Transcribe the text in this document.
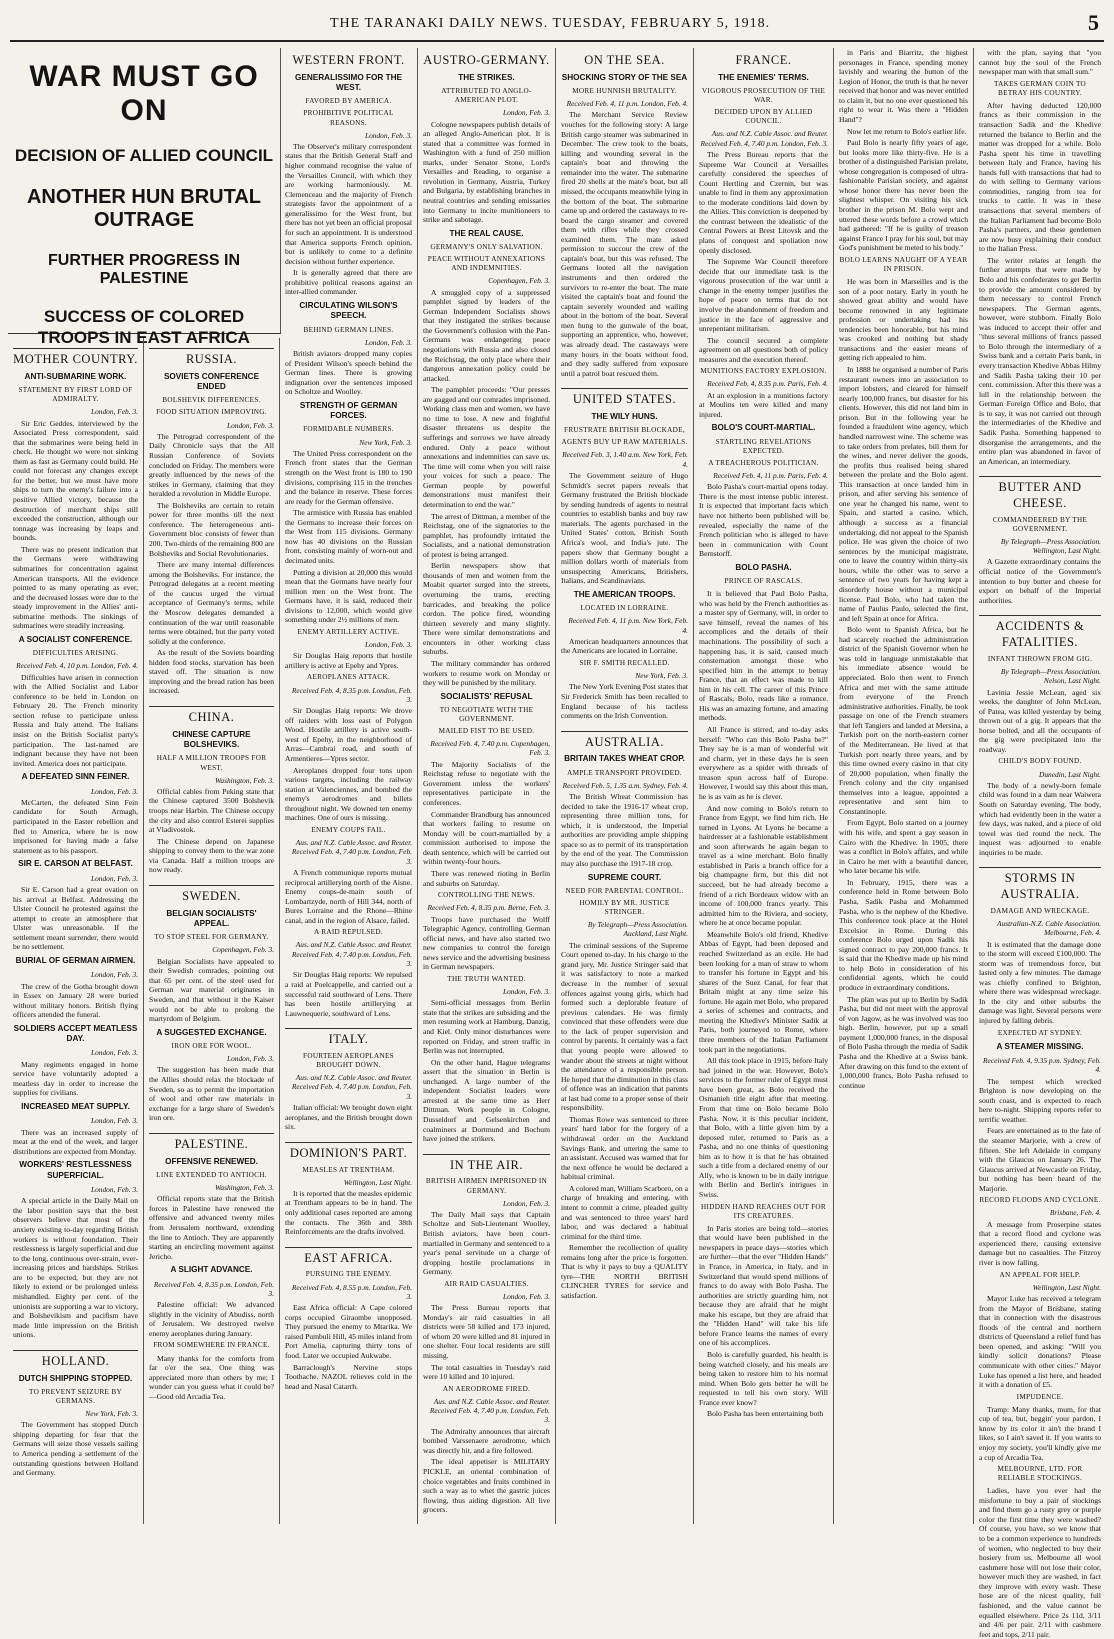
THE TARANAKI DAILY NEWS. TUESDAY, FEBRUARY 5, 1918.	5
WAR MUST GO ON
DECISION OF ALLIED COUNCIL
ANOTHER HUN BRUTAL OUTRAGE
FURTHER PROGRESS IN PALESTINE
SUCCESS OF COLORED TROOPS IN EAST AFRICA
MOTHER COUNTRY.
ANTI-SUBMARINE WORK.
STATEMENT BY FIRST LORD OF ADMIRALTY.

London, Feb. 3.

Sir Eric Geddes, interviewed by the Associated Press correspondent, said that the submarines were being held in check. He thought we were not sinking them as fast as Germany could build. He could not forecast any changes except for the better, but we must have more ships to turn the enemy's failure into a positive Allied victory, because the destruction of merchant ships still exceeded the construction, although our tonnage was increasing by leaps and bounds.

There was no present indication that the Germans were withdrawing submarines for concentration against American transports. All the evidence pointed to as many operating as ever, and the decreased losses were due to the steady improvement in the Allies' anti-submarine methods. The sinkings of submarines were steadily increasing.

A SOCIALIST CONFERENCE.
DIFFICULTIES ARISING.

Received Feb. 4, 10 p.m. London, Feb. 4.

Difficulties have arisen in connection with the Allied Socialist and Labor conference to be held in London on February 20. The French minority section refuse to participate unless Russia and Italy attend. The Italians insist on the British Socialist party's participation. The last-named are indignant because they have not been invited. America does not participate.

A DEFEATED SINN FEINER.

London, Feb. 3.

McCarten, the defeated Sinn Fein candidate for South Armagh, participated in the Easter rebellion and fled to America, where he is now imprisoned for having made a false statement as to his passport.

SIR E. CARSON AT BELFAST.

London, Feb. 3.

Sir E. Carson had a great ovation on his arrival at Belfast. Addressing the Ulster Council he protested against the attempt to create an atmosphere that Ulster was unreasonable. If the settlement meant surrender, there would be no settlement.

BURIAL OF GERMAN AIRMEN.

London, Feb. 3.

The crew of the Gotha brought down in Essex on January 28 were buried without military honors. British flying officers attended the funeral.

SOLDIERS ACCEPT MEATLESS DAY.

London, Feb. 3.

Many regiments engaged in home service have voluntarily adopted a meatless day in order to increase the supplies for civilians.

INCREASED MEAT SUPPLY.

London, Feb. 3.

There was an increased supply of meat at the end of the week, and larger distributions are expected from Monday.

WORKERS' RESTLESSNESS SUPERFICIAL.

London, Feb. 3.

A special article in the Daily Mail on the labor position says that the best observers believe that most of the anxiety existing to-day regarding British workers is without foundation. Their restlessness is largely superficial and due to the long, continuous over-strain, ever-increasing prices and hardships. Strikes are to be expected, but they are not likely to extend or be prolonged unless mishandled. Eighty per cent. of the unionists are supporting a war to victory, and Bolshevikism and pacifism have made little impression on the British unions.

HOLLAND.
DUTCH SHIPPING STOPPED.
TO PREVENT SEIZURE BY GERMANS.

New York, Feb. 3.

The Government has stopped Dutch shipping departing for fear that the Germans will seize those vessels sailing to America pending a settlement of the outstanding questions between Holland and Germany.

RUSSIA.
SOVIETS CONFERENCE ENDED
BOLSHEVIK DIFFERENCES.
FOOD SITUATION IMPROVING.

London, Feb. 3.

The Petrograd correspondent of the Daily Chronicle says that the All Russian Conference of Soviets concluded on Friday. The members were greatly influenced by the news of the strikes in Germany, claiming that they heralded a revolution in Middle Europe.

The Bolsheviks are certain to retain power for three months till the next conference. The heterogeneous anti-Government bloc consists of fewer than 200. Two-thirds of the remaining 800 are Bolsheviks and Social Revolutionaries.

There are many internal differences among the Bolsheviks. For instance, the Petrograd delegates at a recent meeting of the caucus urged the virtual acceptance of Germany's terms, while the Moscow delegates demanded a continuation of the war until reasonable terms were obtained, but the party voted solidly at the conference.

As the result of the Soviets boarding hidden food stocks, starvation has been staved off. The situation is now improving and the bread ration has been increased.

CHINA.
CHINESE CAPTURE BOLSHEVIKS.
HALF A MILLION TROOPS FOR WEST.

Washington, Feb. 3.

Official cables from Peking state that the Chinese captured 3500 Bolshevik troops near Harbin. The Chinese occupy the city and also control Esterei supplies at Vladivostok.

The Chinese depend on Japanese shipping to convey them to the war zone via Canada. Half a million troops are now ready.

SWEDEN.
BELGIAN SOCIALISTS' APPEAL.
TO STOP STEEL FOR GERMANY.

Copenhagen, Feb. 3.

Belgian Socialists have appealed to their Swedish comrades, pointing out that 65 per cent. of the steel used for German war material originates in Sweden, and that without it the Kaiser would not be able to prolong the martyrdom of Belgium.

A SUGGESTED EXCHANGE.
IRON ORE FOR WOOL.

London, Feb. 3.

The suggestion has been made that the Allies should relax the blockade of Sweden, so as to permit the importation of wool and other raw materials in exchange for a large share of Sweden's iron ore.

PALESTINE.
OFFENSIVE RENEWED.
LINE EXTENDED TO ANTIOCH.

Washington, Feb. 3.

Official reports state that the British forces in Palestine have renewed the offensive and advanced twenty miles from Jerusalem northward, extending the line to Antioch. They are apparently starting an encircling movement against Jericho.

A SLIGHT ADVANCE.

Received Feb. 4, 8.35 p.m. London, Feb. 3.

Palestine official: We advanced slightly in the vicinity of Abudiss, north of Jerusalem. We destroyed twelve enemy aeroplanes during January.

FROM SOMEWHERE IN FRANCE.

Many thanks for the comforts from far o'er the sea. One thing was appreciated more than others by me; I wonder can you guess what it could be? —Good old Arcadia Tea.

WESTERN FRONT.
GENERALISSIMO FOR THE WEST.
FAVORED BY AMERICA.
PROHIBITIVE POLITICAL REASONS.

London, Feb. 3.

The Observer's military correspondent states that the British General Staff and higher command recognise the value of the Versailles Council, with which they are working harmoniously. M. Clemenceau and the majority of French strategists favor the appointment of a generalissimo for the West front, but there has not yet been an official proposal for such an appointment. It is understood that America supports French opinion, but is unlikely to come to a definite decision without further experience.

It is generally agreed that there are prohibitive political reasons against an inter-allied commander.

CIRCULATING WILSON'S SPEECH.
BEHIND GERMAN LINES.

London, Feb. 3.

British aviators dropped many copies of President Wilson's speech behind the German lines. There is growing indignation over the sentences imposed on Scholtze and Woolley.

STRENGTH OF GERMAN FORCES.
FORMIDABLE NUMBERS.

New York, Feb. 3.

The United Press correspondent on the French front states that the German strength on the West front is 180 to 190 divisions, comprising 115 in the trenches and the balance in reserve. These forces are ready for the German offensive.

The armistice with Russia has enabled the Germans to increase their forces on the West from 115 divisions. Germany now has 40 divisions on the Russian front, consisting mainly of worn-out and decimated units.

Putting a division at 20,000 this would mean that the Germans have nearly four million men on the West front. The Germans have, it is said, reduced their divisions to 12,000, which would give something under 2½ millions of men.

ENEMY ARTILLERY ACTIVE.

London, Feb. 3.

Sir Douglas Haig reports that hostile artillery is active at Epehy and Ypres.

AEROPLANES ATTACK.

Received Feb. 4, 8.35 p.m. London, Feb. 3.

Sir Douglas Haig reports: We drove off raiders with loss east of Polygon Wood. Hostile artillery is active south-west of Epehy, in the neighborhood of Arras—Cambrai road, and south of Armentieres—Ypres sector.

Aeroplanes dropped four tons upon various targets, including the railway station at Valenciennes, and bombed the enemy's aerodromes and billets throughout night. We downed ten enemy machines. One of ours is missing.

ENEMY COUPS FAIL.

Aus. and N.Z. Cable Assoc. and Reuter. Received Feb. 4, 7.40 p.m. London, Feb. 3.

A French communique reports mutual reciprocal artillerying north of the Aisne. Enemy coups-de-main south of Lombartzyde, north of Hill 344, north of Bures Lorraine and the Rhone—Rhine canal, and in the region of Alsace, failed.

A RAID REPULSED.

Aus. and N.Z. Cable Assoc. and Reuter. Received Feb. 4, 7.40 p.m. London, Feb. 3.

Sir Douglas Haig reports: We repulsed a raid at Poelcappelle, and carried out a successful raid southward of Lens. There has been hostile artillerying at Lauwnequerie, southward of Lens.

ITALY.
FOURTEEN AEROPLANES BROUGHT DOWN.

Aus. and N.Z. Cable Assoc. and Reuter. Received Feb. 4, 7.40 p.m. London, Feb. 3.

Italian official: We brought down eight aeroplanes, and the British brought down six.

DOMINION'S PART.
MEASLES AT TRENTHAM.

Wellington, Last Night.

It is reported that the measles epidemic at Trentham appears to be in hand. The only additional cases reported are among the contacts. The 36th and 38th Reinforcements are the drafts involved.

EAST AFRICA.
PURSUING THE ENEMY.

Received Feb. 4, 8.55 p.m. London, Feb. 3.

East Africa official: A Cape colored corps occupied Giraombe unopposed. They pursued the enemy to Mtarika. We raised Pumbuli Hill, 45 miles inland from Port Amelia, capturing thirty tons of food. Later we occupied Aukwabe.

Barraclough's Nervine stops Toothache. NAZOL relieves cold in the head and Nasal Catarrh.

AUSTRO-GERMANY.
THE STRIKES.
ATTRIBUTED TO ANGLO-AMERICAN PLOT.

London, Feb. 3.

Cologne newspapers publish details of an alleged Anglo-American plot. It is stated that a committee was formed in Washington with a fund of 250 million marks, under Senator Stone, Lord's Versailles and Reading, to organise a revolution in Germany, Austria, Turkey and Bulgaria, by establishing branches in neutral countries and sending emissaries into Germany to incite munitioneers to strike and sabotage.

THE REAL CAUSE.
GERMANY'S ONLY SALVATION.
PEACE WITHOUT ANNEXATIONS AND INDEMNITIES.

Copenhagen, Feb. 3.

A smuggled copy of a suppressed pamphlet signed by leaders of the German Independent Socialists shows that they instigated the strikes because the Government's collusion with the Pan-Germans was endangering peace negotiations with Russia and also closed the Reichstag, the only place where their dangerous annexation policy could be attacked.

The pamphlet proceeds: "Our presses are gagged and our comrades imprisoned. Working class men and women, we have no time to lose. A new and frightful disaster threatens us despite the sufferings and sorrows we have already endured. Only a peace without annexations and indemnities can save us. The time will come when you will raise your voices for such a peace. The German people by powerful demonstrations must manifest their determination to end the war."

The arrest of Dittman, a member of the Reichstag, one of the signatories to the pamphlet, has profoundly irritated the Socialists, and a national demonstration of protest is being arranged.

Berlin newspapers show that thousands of men and women from the Moabit quarter surged into the streets, overturning the trams, erecting barricades, and breaking the police cordon. The police fired, wounding thirteen severely and many slightly. There were similar demonstrations and encounters in other working class suburbs.

The military commander has ordered workers to resume work on Monday or they will be punished by the military.

SOCIALISTS' REFUSAL
TO NEGOTIATE WITH THE GOVERNMENT.
MAILED FIST TO BE USED.

Received Feb. 4, 7.40 p.m. Copenhagen, Feb. 3.

The Majority Socialists of the Reichstag refuse to negotiate with the Government unless the workers' representatives participate in the conferences.

Commander Brandburg has announced that workers failing to resume on Monday will be court-martialled by a commission authorised to impose the death sentence, which will be carried out within twenty-four hours.

There was renewed rioting in Berlin and suburbs on Saturday.

CONTROLLING THE NEWS.

Received Feb. 4, 8.35 p.m. Berne, Feb. 3.

Troops have purchased the Wolff Telegraphic Agency, controlling German official news, and have also started two new companies to control the foreign news service and the advertising business in German newspapers.

THE TRUTH WANTED.

London, Feb. 3.

Semi-official messages from Berlin state that the strikes are subsiding and the men resuming work at Hamburg, Danzig, and Kiel. Only minor disturbances were reported on Friday, and street traffic in Berlin was not interrupted.

On the other hand, Hague telegrams assert that the situation in Berlin is unchanged. A large number of the independent Socialist leaders were arrested at the same time as Herr Dittman. Work people in Cologne, Dusseldorf and Gelsenkirchen and coalminers at Dortmund and Bochum have joined the strikers.

IN THE AIR.
BRITISH AIRMEN IMPRISONED IN GERMANY.

London, Feb. 3.

The Daily Mail says that Captain Scholtze and Sub-Lieutenant Woolley, British aviators, have been court-martialled in Germany and sentenced to a year's penal servitude on a charge of dropping hostile proclamations in Germany.

AIR RAID CASUALTIES.

London, Feb. 3.

The Press Bureau reports that Monday's air raid casualties in all districts were 58 killed and 173 injured, of whom 20 were killed and 81 injured in one shelter. Four local residents are still missing.

The total casualties in Tuesday's raid were 10 killed and 10 injured.

AN AERODROME FIRED.

Aus. and N.Z. Cable Assoc. and Reuter. Received Feb. 4, 7.40 p.m. London, Feb. 3.

The Admiralty announces that aircraft bombed Varssenaere aerodrome, which was directly hit, and a fire followed.

The ideal appetiser is MILITARY PICKLE, an oriental combination of choice vegetables and fruits combined in such a way as to whet the gastric juices flowing, thus aiding digestion. All live grocers.

ON THE SEA.
SHOCKING STORY OF THE SEA
MORE HUNNISH BRUTALITY.

Received Feb. 4, 11 p.m. London, Feb. 4.

The Merchant Service Review vouches for the following story: A large British cargo steamer was submarined in December. The crew took to the boats, killing and wounding several in the captain's boat and throwing the remainder into the water. The submarine fired 20 shells at the mate's boat, but all missed, the occupants meanwhile lying in the bottom of the boat. The submarine came up and ordered the castaways to re-board the cargo steamer and covered them with rifles while they crossed examined them. The mate asked permission to succour the crew of the captain's boat, but this was refused. The Germans looted all the navigation instruments and then ordered the survivors to re-enter the boat. The mate visited the captain's boat and found the captain severely wounded and wailing about in the bottom of the boat. Several men hung to the gunwale of the boat, supporting an apprentice, who, however, was already dead. The castaways were many hours in the boats without food, and they sadly suffered from exposure until a patrol boat rescued them.

UNITED STATES.
THE WILY HUNS.
FRUSTRATE BRITISH BLOCKADE,
AGENTS BUY UP RAW MATERIALS.

Received Feb. 3, 1.40 a.m. New York, Feb. 4.

The Government seizure of Hugo Schmidt's secret papers reveals that Germany frustrated the British blockade by sending hundreds of agents to neutral countries to establish banks and buy raw materials. The agents purchased in the United States' cotton, British South Africa's wool, and India's jute. The papers show that Germany bought a million dollars worth of materials from unsuspecting Americans, Britishers, Italians, and Scandinavians.

THE AMERICAN TROOPS.
LOCATED IN LORRAINE.

Received Feb. 4, 11 p.m. New York, Feb. 4.

American headquarters announces that the Americans are located in Lorraine.

SIR F. SMITH RECALLED.

New York, Feb. 3.

The New York Evening Post states that Sir Frederick Smith has been recalled to England because of his tactless comments on the Irish Convention.

AUSTRALIA.
BRITAIN TAKES WHEAT CROP.
AMPLE TRANSPORT PROVIDED.

Received Feb. 5, 1.35 a.m. Sydney, Feb. 4.

The British Wheat Commission has decided to take the 1916-17 wheat crop, representing three million tons, for which, it is understood, the Imperial authorities are providing ample shipping space so as to permit of its transportation by the end of the year. The Commission may also purchase the 1917-18 crop.

SUPREME COURT.
NEED FOR PARENTAL CONTROL.
HOMILY BY MR. JUSTICE STRINGER.

By Telegraph—Press Association. Auckland, Last Night.

The criminal sessions of the Supreme Court opened to-day. In his charge to the grand jury, Mr. Justice Stringer said that it was satisfactory to note a marked decrease in the number of sexual offences against young girls, which had formed such a deplorable feature of previous calendars. He was firmly convinced that these offenders were due to the lack of proper supervision and control by parents. It certainly was a fact that young people were allowed to wander about the streets at night without the attendance of a responsible person. He hoped that the diminution in this class of offence was an indication that parents at last had come to a proper sense of their responsibility.

Thomas Rowe was sentenced to three years' hard labor for the forgery of a withdrawal order on the Auckland Savings Bank, and uttering the same to an assistant. Accused was warned that for the next offence he would be declared a habitual criminal.

A colored man, William Scarboro, on a charge of breaking and entering, with intent to commit a crime, pleaded guilty and was sentenced to three years' hard labor, and was declared a habitual criminal for the third time.

Remember the recollection of quality remains long after the price is forgotten. That is why it pays to buy a QUALITY tyre—THE NORTH BRITISH CLINCHER TYRES for service and satisfaction.

FRANCE.
THE ENEMIES' TERMS.
VIGOROUS PROSECUTION OF THE WAR.
DECIDED UPON BY ALLIED COUNCIL.

Aus. and N.Z. Cable Assoc. and Reuter. Received Feb. 4, 7.40 p.m. London, Feb. 3.

The Press Bureau reports that the Supreme War Council at Versailles carefully considered the speeches of Count Hertling and Czernin, but was unable to find in them any approximation to the moderate conditions laid down by the Allies. This conviction is deepened by the contrast between the idealistic of the Central Powers at Brest Litovsk and the plans of conquest and spoliation now openly disclosed.

The Supreme War Council therefore decide that our immediate task is the vigorous prosecution of the war until a change in the enemy temper justifies the hope of peace on terms that do not involve the abandonment of freedom and justice in the face of aggressive and unrepentant militarism.

The council secured a complete agreement on all questions both of policy measures and the execution thereof.

MUNITIONS FACTORY EXPLOSION.

Received Feb. 4, 8.35 p.m. Paris, Feb. 4.

At an explosion in a munitions factory at Moulins ten were killed and many injured.

BOLO'S COURT-MARTIAL.
STARTLING REVELATIONS EXPECTED.
A TREACHEROUS POLITICIAN.

Received Feb. 4, 11 p.m. Paris, Feb. 4.

Bolo Pasha's court-martial opens today. There is the most intense public interest. It is expected that important facts which have not hitherto been published will be revealed, especially the name of the French politician who is alleged to have been in communication with Count Bernstorff.

BOLO PASHA.
PRINCE OF RASCALS.

It is believed that Paul Bolo Pasha, who was held by the French authorities as a master spy of Germany, will, in order to save himself, reveal the names of his accomplices and the details of their machinations. The possibility of such a happening has, it is said, caused much consternation amongst those who specified him in the attempt to betray France, that an effect was made to kill him in his cell. The career of this Prince of Rascals, Bolo, reads like a romance. His was an amazing fortune, and amazing methods.

All France is stirred, and to-day asks herself: "Who can this Bolo Pasha be?" They say he is a man of wonderful wit and charm, yet in these days he is seen everywhere as a spider with threads of treason spun across half of Europe. However, I would say this about this man, he is as vain as he is clever.

And now coming to Bolo's return to France from Egypt, we find him rich. He turned in Lyons. At Lyons he became a hairdresser at a fashionable establishment and soon afterwards he again began to travel as a wine merchant. Bolo finally established in Paris a branch office for a big champagne firm, but this did not succeed, but he had already become a friend of a rich Bordeaux widow with an income of 100,000 francs yearly. This admitted him to the Riviera, and society, where he at once became popular.

Meanwhile Bolo's old friend, Khedive Abbas of Egypt, had been deposed and reached Switzerland as an exile. He had been looking for a man of straw to whom to transfer his fortune in Egypt and his shares of the Suez Canal, for fear that Britain might at any time seize his fortune. He again met Bolo, who prepared a series of schemes and contracts, and meeting the Khedive's Minister Sadik at Paris, both journeyed to Rome, where three members of the Italian Parliament took part in the negotiations.

All this took place in 1915, before Italy had joined in the war. However, Bolo's services to the former ruler of Egypt must have been great, as Bolo received the Osmanieh title eight after that meeting. From that time on Bolo became Bolo Pasha. Now, it is this peculiar incident, that Bolo, with a little given him by a deposed ruler, returned to Paris as a Pasha, and no one thinks of questioning him as to how it is that he has obtained such a title from a declared enemy of our Ally, who is known to be in daily intrigue with Berlin and Berlin's intrigues in Swiss.

HIDDEN HAND REACHES OUT FOR ITS CREATURES.

In Paris stories are being told—stories that would have been published in the newspapers in peace days—stories which are further—that the ever "Hidden Hands" in France, in America, in Italy, and in Switzerland that would spend millions of francs to do away with Bolo Pasha. The authorities are strictly guarding him, not because they are afraid that he might make his escape, but they are afraid that the "Hidden Hand" will take his life before France learns the names of every one of his accomplices.

Bolo is carefully guarded, his health is being watched closely, and his meals are being taken to restore him to his normal mind. When Bolo gets better he will be requested to tell his own story. Will France ever know?

Bolo Pasha has been entertaining both

in Paris and Biarritz, the highest personages in France, spending money lavishly and wearing the button of the Legion of Honor, the truth is that he never received that honor and was never entitled to claim it, but no one ever questioned his right to wear it. Was there a "Hidden Hand"?

Now let me return to Bolo's earlier life.

Paul Bolo is nearly fifty years of age, but looks more like thirty-five. He is a brother of a distinguished Parisian prelate, whose congregation is composed of ultra-fashionable Parisian society, and against whose honor there has never been the slightest whisper. On visiting his sick brother in the prison M. Bolo wept and uttered these words before a crowd which had gathered: "If he is guilty of treason against France I pray for his soul, but may God's punishment be meted to his body."

BOLO LEARNS NAUGHT OF A YEAR IN PRISON.

He was born in Marseilles and is the son of a poor notary. Early in youth he showed great ability and would have become renowned in any legitimate profession or undertaking had his tendencies been honorable, but his mind was crooked and nothing but shady transactions and the easier means of getting rich appealed to him.

In 1888 he organised a number of Paris restaurant owners into an association to import lobsters, and cleared for himself nearly 100,000 francs, but disaster for his clients. However, this did not land him in prison. But in the following year he founded a fraudulent wine agency, which handled narrowest wine. The scheme was to take orders from prelates, bill them for the wines, and never deliver the goods, the profits thus realised being shared between the prelate and the Bolo agent. This transaction at once landed him in prison, and after serving his sentence of one year he changed his name, went to Spain, and started a casino, which, although a success as a financial undertaking, did not appeal to the Spanish police. He was given the choice of two sentences by the municipal magistrate, one to leave the country within thirty-six hours, while the other was to serve a sentence of two years for having kept a disorderly house without a municipal license. Paul Bolo, who had taken the name of Paulus Paulo, selected the first, and left Spain at once for Africa.

Bolo went to Spanish Africa, but he had scarcely reached the administration district of the Spanish Governor when he was told in language unmistakable that his immediate absence would be appreciated. Bolo then went to French Africa and met with the same attitude from everyone of the French administrative authorities. Finally, he took passage on one of the French steamers that left Tangiers and landed at Mersina, a Turkish port on the north-eastern corner of the Mediterranean. He lived at that Turkish port nearly three years, and by this time owned every casino in that city of 20,000 population, when finally the French colony and the city organised themselves into a league, appointed a representative and sent him to Constantinople.

From Egypt, Bolo started on a journey with his wife, and spent a gay season in Cairo with the Khedive. In 1905, there was a conflict in Bolo's affairs, and while in Cairo he met with a beautiful dancer, who later became his wife.

In February, 1915, there was a conference held in Rome between Bolo Pasha, Sadik Pasha and Mohammed Pasha, who is the nephew of the Khedive. This conference took place at the Hotel Excelsior in Rome. During this conference Bolo urged upon Sadik his signed contract to pay 200,000 francs. It is said that the Khedive made up his mind to help Bolo in consideration of his confidential agents, which he could produce in extraordinary conditions.

The plan was put up to Berlin by Sadik Pasha, but did not meet with the approval of von Jagow, as he was involved was too high. Berlin, however, put up a small payment 1,000,000 francs, in the disposal of Bolo Pasha through the media of Sadik Pasha and the Khedive at a Swiss bank. After drawing on this fund to the extent of 1,000,000 francs, Bolo Pasha refused to continue

with the plan, saying that "you cannot buy the soul of the French newspaper man with that small sum."

TAKES GERMAN COIN TO BETRAY HIS COUNTRY.

After having deducted 120,000 francs as their commission in the transaction Sadik and the Khedive returned the balance to Berlin and the matter was dropped for a while. Bolo Pasha spent his time in travelling between Italy and France, having his hands full with transactions that had to do with selling to Germany various commodities, ranging from tea for trucks to cattle. It was in these transactions that several members of the Italian Parliament had become Bolo Pasha's partners, and these gentlemen are now busy explaining their conduct to the Italian Press.

The writer relates at length the further attempts that were made by Bolo and his confederates to get Berlin to provide the amount considered by them necessary to control French newspapers. The German agents, however, were stubborn. Finally Bolo was induced to accept their offer and "thus several millions of francs passed to Bolo through the intermediary of a Swiss bank and a certain Paris bank, in every transaction Khedive Abbas Hilmy and Sadik Pasha taking their 10 per cent. commission. After this there was a lull in the relationship between the German Foreign Office and Bolo, that is to say, it was not carried out through the intermediaries of the Khedive and Sadik Pasha. Something happened to disorganise the arrangements, and the entire plan was abandoned in favor of an American, an intermediary.

BUTTER AND CHEESE.
COMMANDEERED BY THE GOVERNMENT.

By Telegraph—Press Association. Wellington, Last Night.

A Gazette extraordinary contains the official notice of the Government's intention to buy butter and cheese for export on behalf of the Imperial authorities.

ACCIDENTS & FATALITIES.
INFANT THROWN FROM GIG.

By Telegraph—Press Association. Nelson, Last Night.

Lavinia Jessie McLean, aged six weeks, the daughter of John McLean, of Patea, was killed yesterday by being thrown out of a gig. It appears that the horse bolted, and all the occupants of the gig were precipitated into the roadway.

CHILD'S BODY FOUND.

Dunedin, Last Night.

The body of a newly-born female child was found in a dam near Waiwera South on Saturday evening. The body, which had evidently been in the water a few days, was naked, and a piece of old towel was tied round the neck. The inquest was adjourned to enable inquiries to be made.

STORMS IN AUSTRALIA.
DAMAGE AND WRECKAGE.

Australian-N.Z. Cable Association. Melbourne, Feb. 4.

It is estimated that the damage done to the storm will exceed £100,000. The storm was of tremendous force, but lasted only a few minutes. The damage was chiefly confined to Brighton, where there was widespread wreckage. In the city and other suburbs the damage was light. Several persons were injured by falling debris.

EXPECTED AT SYDNEY.
A STEAMER MISSING.

Received Feb. 4, 9.35 p.m. Sydney, Feb. 4.

The tempest which wrecked Brighton is now developing on the south coast, and is expected to reach here to-night. Shipping reports refer to terrific weather.

Fears are entertained as to the fate of the steamer Marjorie, with a crew of fifteen. She left Adelaide in company with the Glaucus on January 26. The Glaucus arrived at Newcastle on Friday, but nothing has been heard of the Marjorie.

RECORD FLOODS AND CYCLONE.

Brisbane, Feb. 4.

A message from Proserpine states that a record flood and cyclone was experienced there, causing extensive damage but no casualties. The Fitzroy river is now falling.

AN APPEAL FOR HELP.

Wellington, Last Night.

Mayor Luke has received a telegram from the Mayor of Brisbane, stating that in connection with the disastrous floods of the central and northern districts of Queensland a relief fund has been opened, and asking: "Will you kindly solicit donations? Please communicate with other cities." Mayor Luke has opened a list here, and headed it with a donation of £5.

IMPUDENCE.

Tramp: Many thanks, mum, for that cup of tea, but, beggin' your pardon, I know by its color it ain't the brand I likes, so I ain't saved it. If you wants to enjoy my society, you'll kindly give me a cup of Arcadia Tea.

MELBOURNE, LTD. FOR RELIABLE STOCKINGS.

Ladies, have you ever had the misfortune to buy a pair of stockings and find them go a rusty grey or purple color the first time they were washed? Of course, you have, so we know that to be a common experience to hundreds of women, who neglected to buy their hosiery from us. Melbourne all wool cashmere hose will not lose their color, however much they are washed, in fact they improve with every wash. These hose are of the nicest quality, full fashioned, and the value cannot be equalled elsewhere. Price 2s 11d, 3/11 and 4/6 per pair. 2/11 with cashmere feet and tops, 2/11 pair.
